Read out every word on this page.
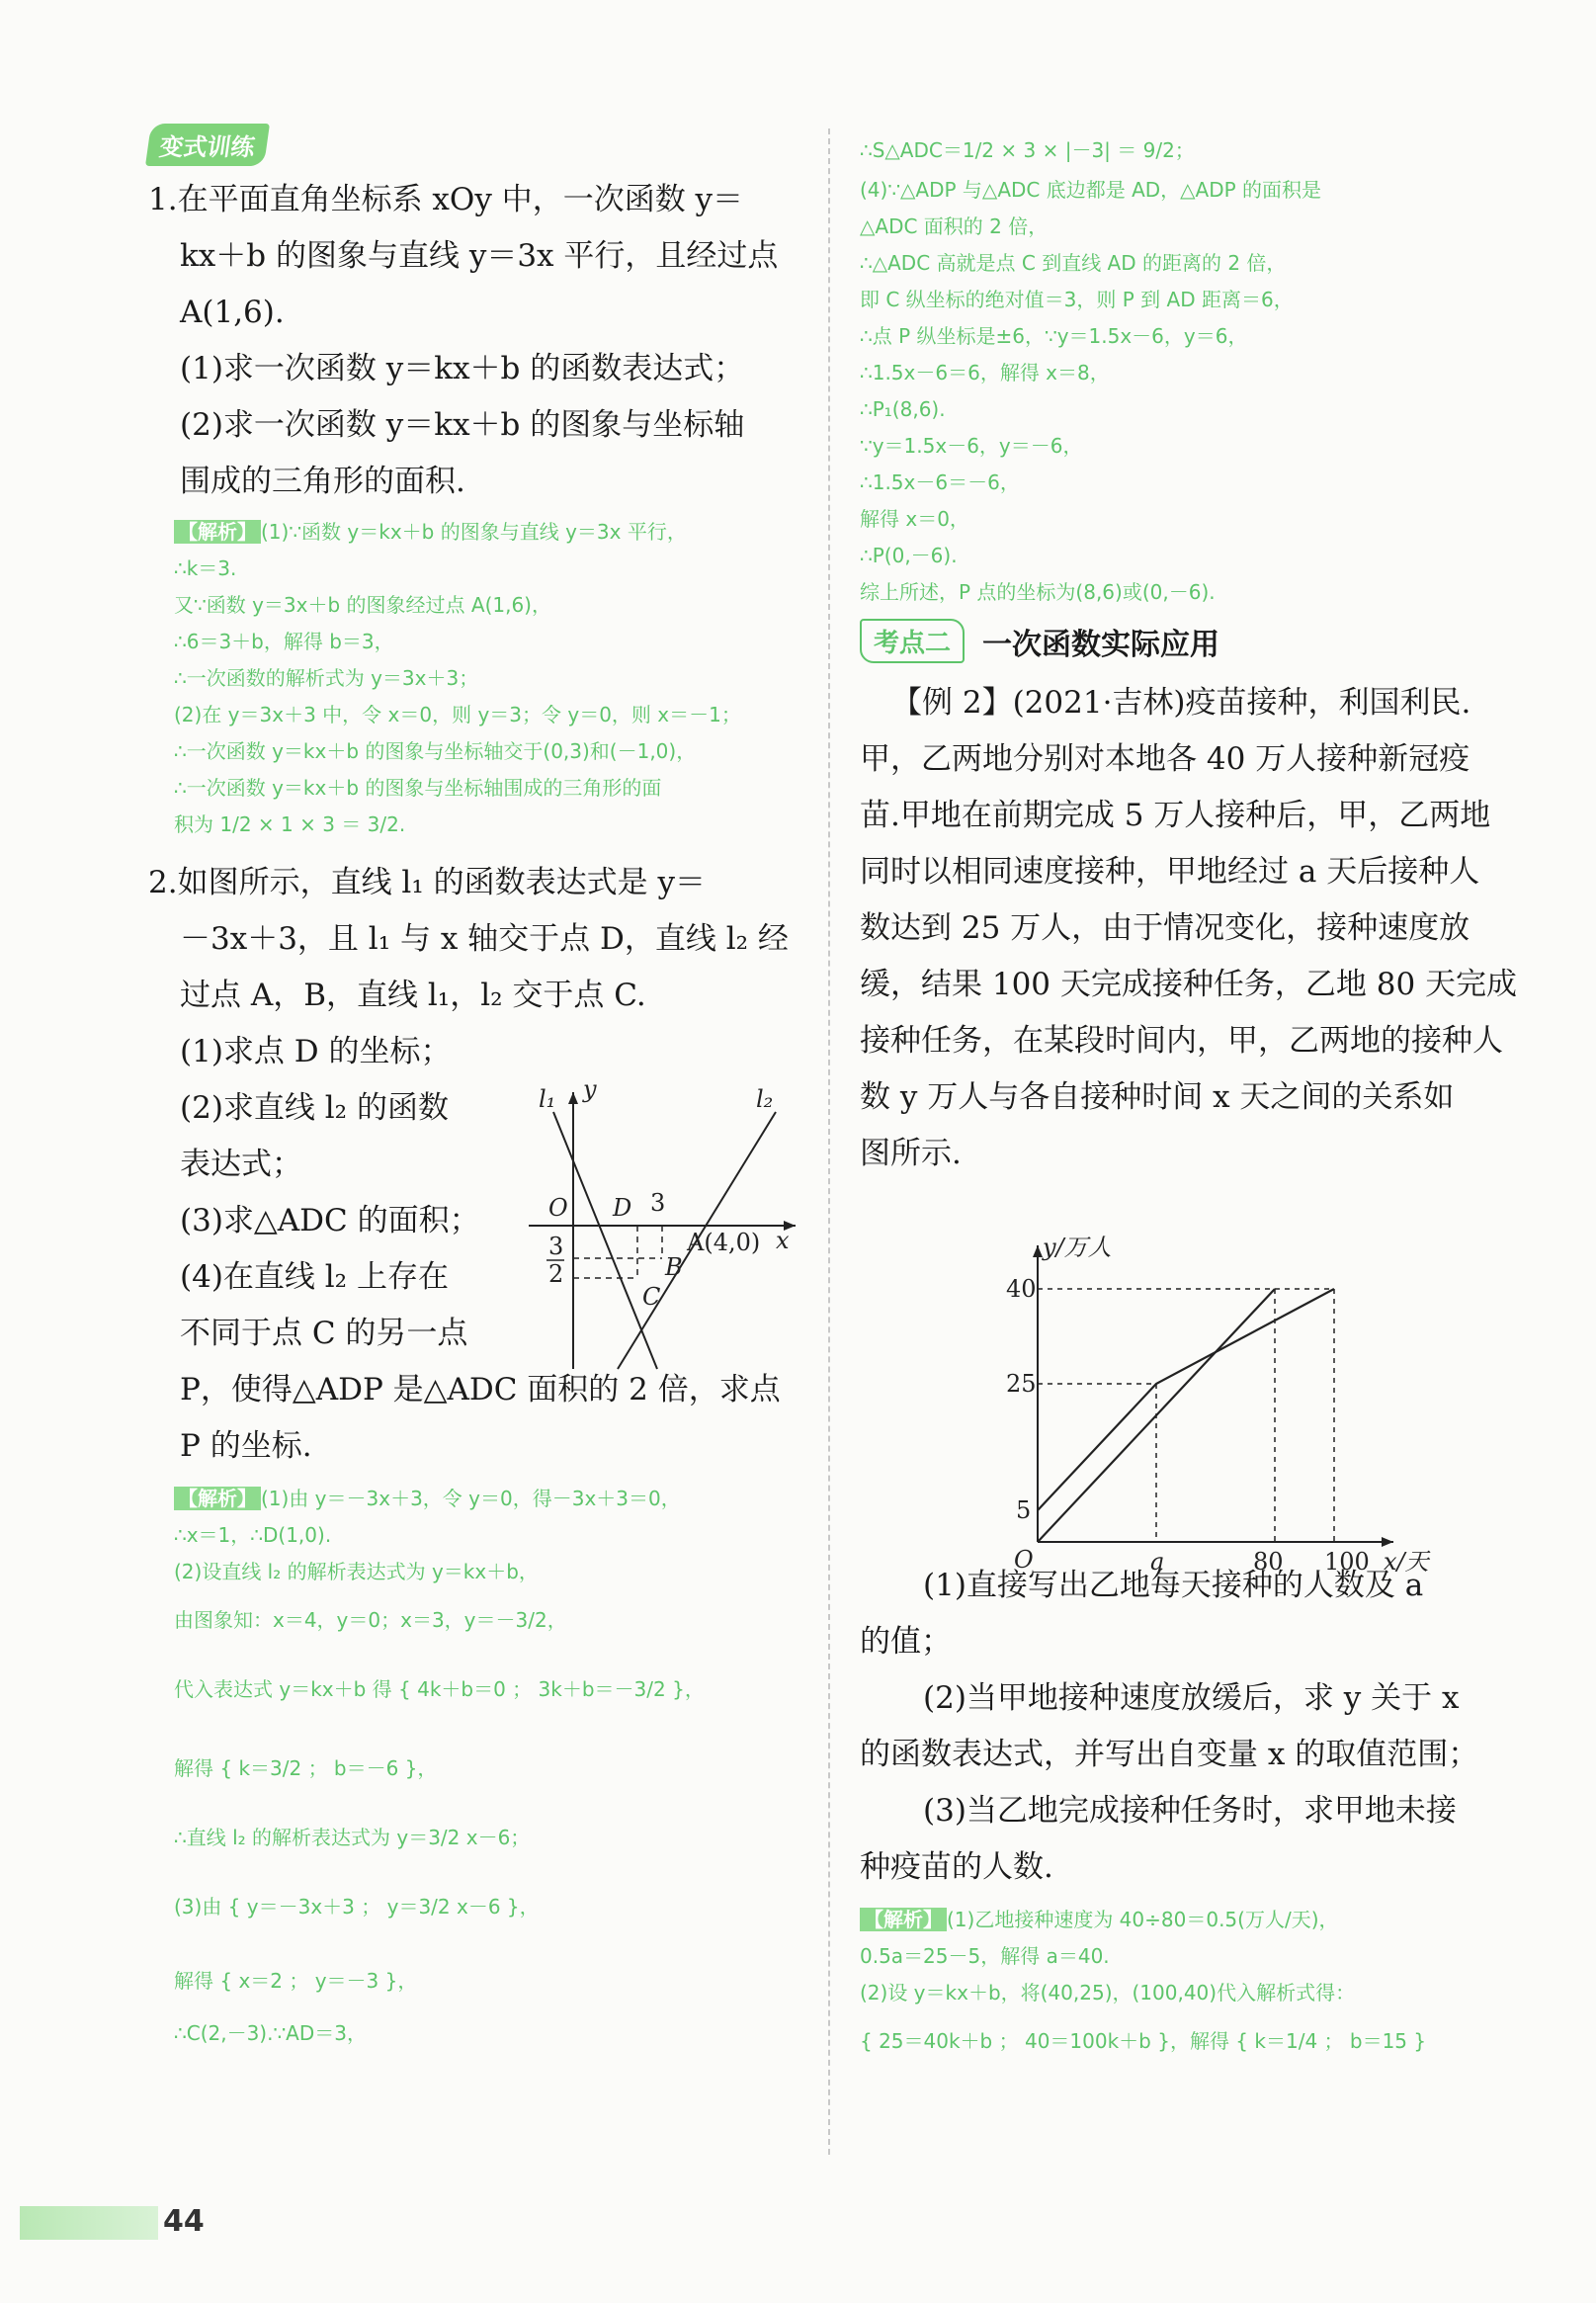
变式训练
1.在平面直角坐标系 xOy 中，一次函数 y＝
kx＋b 的图象与直线 y＝3x 平行，且经过点
A(1,6).
(1)求一次函数 y＝kx＋b 的函数表达式；
(2)求一次函数 y＝kx＋b 的图象与坐标轴
围成的三角形的面积.

【解析】 (1)∵函数 y＝kx＋b 的图象与直线 y＝3x 平行，

∴k＝3.

又∵函数 y＝3x＋b 的图象经过点 A(1,6)，

∴6＝3＋b，解得 b＝3，

∴一次函数的解析式为 y＝3x＋3；

(2)在 y＝3x＋3 中，令 x＝0，则 y＝3；令 y＝0，则 x＝－1；

∴一次函数 y＝kx＋b 的图象与坐标轴交于(0,3)和(－1,0)，

∴一次函数 y＝kx＋b 的图象与坐标轴围成的三角形的面

积为 1/2 × 1 × 3 ＝ 3/2.

2.如图所示，直线 l₁ 的函数表达式是 y＝
－3x＋3，且 l₁ 与 x 轴交于点 D，直线 l₂ 经
过点 A，B，直线 l₁，l₂ 交于点 C.
(1)求点 D 的坐标；
(2)求直线 l₂ 的函数
表达式；
(3)求△ADC 的面积；
(4)在直线 l₂ 上存在
不同于点 C 的另一点
P，使得△ADP 是△ADC 面积的 2 倍，求点
P 的坐标.

【解析】 (1)由 y＝－3x＋3，令 y＝0，得－3x＋3＝0，

∴x＝1，∴D(1,0).

(2)设直线 l₂ 的解析表达式为 y＝kx＋b，

由图象知：x＝4，y＝0；x＝3，y＝－3/2，

代入表达式 y＝kx＋b 得 { 4k＋b＝0 ； 3k＋b＝－3/2 }，

解得 { k＝3/2 ； b＝－6 }，

∴直线 l₂ 的解析表达式为 y＝3/2 x－6；

(3)由 { y＝－3x＋3 ； y＝3/2 x－6 }，

解得 { x＝2 ； y＝－3 }，

∴C(2,－3).∵AD＝3，

l₁ y	l₂
O D 3
A(4,0) x
3
2	B
C

∴S△ADC＝1/2 × 3 × |－3| ＝ 9/2；

(4)∵△ADP 与△ADC 底边都是 AD，△ADP 的面积是

△ADC 面积的 2 倍，

∴△ADC 高就是点 C 到直线 AD 的距离的 2 倍，

即 C 纵坐标的绝对值＝3，则 P 到 AD 距离＝6，

∴点 P 纵坐标是±6，∵y＝1.5x－6，y＝6，

∴1.5x－6＝6，解得 x＝8，

∴P₁(8,6).

∵y＝1.5x－6，y＝－6，

∴1.5x－6＝－6，

解得 x＝0，

∴P(0,－6).

综上所述，P 点的坐标为(8,6)或(0,－6).

考点二	一次函数实际应用
【例 2】(2021·吉林)疫苗接种，利国利民.
甲，乙两地分别对本地各 40 万人接种新冠疫
苗.甲地在前期完成 5 万人接种后，甲，乙两地
同时以相同速度接种，甲地经过 a 天后接种人
数达到 25 万人，由于情况变化，接种速度放
缓，结果 100 天完成接种任务，乙地 80 天完成
接种任务，在某段时间内，甲，乙两地的接种人
数 y 万人与各自接种时间 x 天之间的关系如
图所示.
(1)直接写出乙地每天接种的人数及 a
的值；
(2)当甲地接种速度放缓后，求 y 关于 x
的函数表达式，并写出自变量 x 的取值范围；
(3)当乙地完成接种任务时，求甲地未接
种疫苗的人数.

【解析】 (1)乙地接种速度为 40÷80＝0.5(万人/天)，

0.5a＝25－5，解得 a＝40.

(2)设 y＝kx＋b，将(40,25)，(100,40)代入解析式得：

{ 25＝40k＋b ； 40＝100k＋b }，解得 { k＝1/4 ； b＝15 }

y/万人
x/天
O
40
25
5
a	80 100
44
